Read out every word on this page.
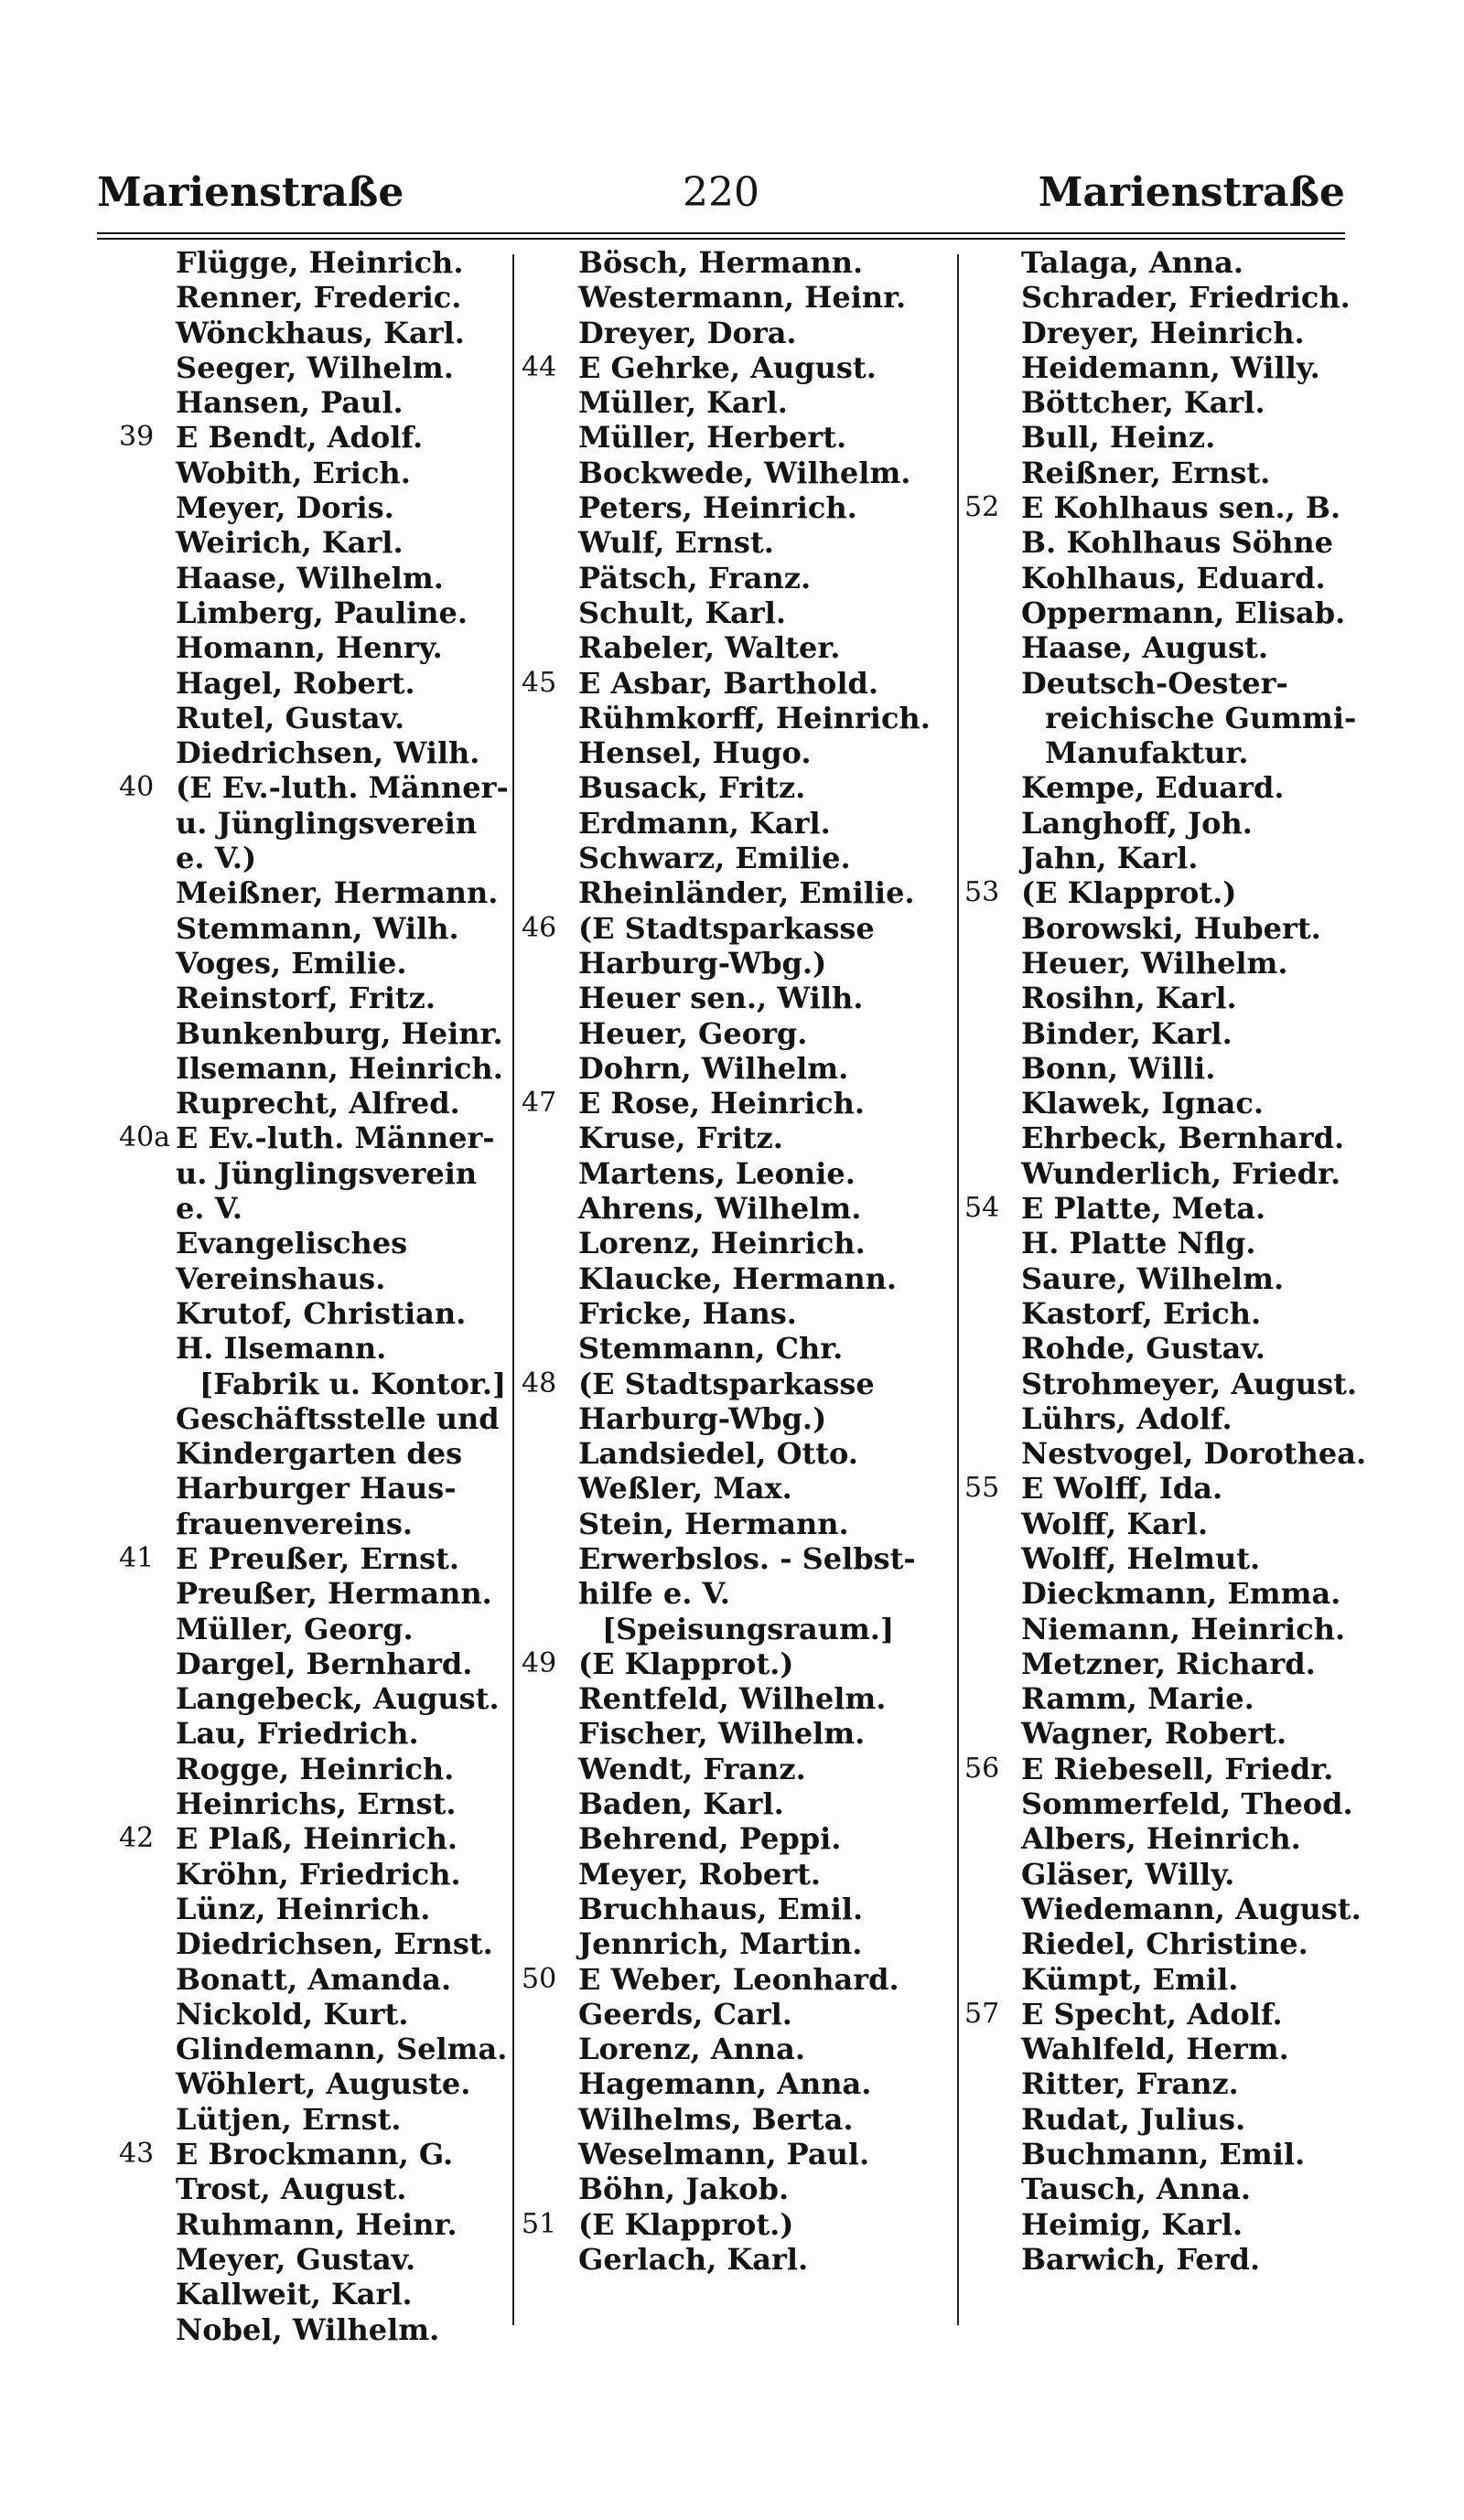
Marienstraße	220	Marienstraße
Flügge, Heinrich.
Renner, Frederic.
Wönckhaus, Karl.
Seeger, Wilhelm.
Hansen, Paul.
39 E Bendt, Adolf.
Wobith, Erich.
Meyer, Doris.
Weirich, Karl.
Haase, Wilhelm.
Limberg, Pauline.
Homann, Henry.
Hagel, Robert.
Rutel, Gustav.
Diedrichsen, Wilh.
40 (E Ev.-luth. Männer-
u. Jünglingsverein
e. V.)
Meißner, Hermann.
Stemmann, Wilh.
Voges, Emilie.
Reinstorf, Fritz.
Bunkenburg, Heinr.
Ilsemann, Heinrich.
Ruprecht, Alfred.
40a E Ev.-luth. Männer-
u. Jünglingsverein
e. V.
Evangelisches
Vereinshaus.
Krutof, Christian.
H. Ilsemann.
[Fabrik u. Kontor.]
Geschäftsstelle und
Kindergarten des
Harburger Haus-
frauenvereins.
41 E Preußer, Ernst.
Preußer, Hermann.
Müller, Georg.
Dargel, Bernhard.
Langebeck, August.
Lau, Friedrich.
Rogge, Heinrich.
Heinrichs, Ernst.
42 E Plaß, Heinrich.
Kröhn, Friedrich.
Lünz, Heinrich.
Diedrichsen, Ernst.
Bonatt, Amanda.
Nickold, Kurt.
Glindemann, Selma.
Wöhlert, Auguste.
Lütjen, Ernst.
43 E Brockmann, G.
Trost, August.
Ruhmann, Heinr.
Meyer, Gustav.
Kallweit, Karl.
Nobel, Wilhelm.
Bösch, Hermann.
Westermann, Heinr.
Dreyer, Dora.
44 E Gehrke, August.
Müller, Karl.
Müller, Herbert.
Bockwede, Wilhelm.
Peters, Heinrich.
Wulf, Ernst.
Pätsch, Franz.
Schult, Karl.
Rabeler, Walter.
45 E Asbar, Barthold.
Rühmkorff, Heinrich.
Hensel, Hugo.
Busack, Fritz.
Erdmann, Karl.
Schwarz, Emilie.
Rheinländer, Emilie.
46 (E Stadtsparkasse
Harburg-Wbg.)
Heuer sen., Wilh.
Heuer, Georg.
Dohrn, Wilhelm.
47 E Rose, Heinrich.
Kruse, Fritz.
Martens, Leonie.
Ahrens, Wilhelm.
Lorenz, Heinrich.
Klaucke, Hermann.
Fricke, Hans.
Stemmann, Chr.
48 (E Stadtsparkasse
Harburg-Wbg.)
Landsiedel, Otto.
Weßler, Max.
Stein, Hermann.
Erwerbslos. - Selbst-
hilfe e. V.
[Speisungsraum.]
49 (E Klapprot.)
Rentfeld, Wilhelm.
Fischer, Wilhelm.
Wendt, Franz.
Baden, Karl.
Behrend, Peppi.
Meyer, Robert.
Bruchhaus, Emil.
Jennrich, Martin.
50 E Weber, Leonhard.
Geerds, Carl.
Lorenz, Anna.
Hagemann, Anna.
Wilhelms, Berta.
Weselmann, Paul.
Böhn, Jakob.
51 (E Klapprot.)
Gerlach, Karl.
Talaga, Anna.
Schrader, Friedrich.
Dreyer, Heinrich.
Heidemann, Willy.
Böttcher, Karl.
Bull, Heinz.
Reißner, Ernst.
52 E Kohlhaus sen., B.
B. Kohlhaus Söhne
Kohlhaus, Eduard.
Oppermann, Elisab.
Haase, August.
Deutsch-Oester-
reichische Gummi-
Manufaktur.
Kempe, Eduard.
Langhoff, Joh.
Jahn, Karl.
53 (E Klapprot.)
Borowski, Hubert.
Heuer, Wilhelm.
Rosihn, Karl.
Binder, Karl.
Bonn, Willi.
Klawek, Ignac.
Ehrbeck, Bernhard.
Wunderlich, Friedr.
54 E Platte, Meta.
H. Platte Nflg.
Saure, Wilhelm.
Kastorf, Erich.
Rohde, Gustav.
Strohmeyer, August.
Lührs, Adolf.
Nestvogel, Dorothea.
55 E Wolff, Ida.
Wolff, Karl.
Wolff, Helmut.
Dieckmann, Emma.
Niemann, Heinrich.
Metzner, Richard.
Ramm, Marie.
Wagner, Robert.
56 E Riebesell, Friedr.
Sommerfeld, Theod.
Albers, Heinrich.
Gläser, Willy.
Wiedemann, August.
Riedel, Christine.
Kümpt, Emil.
57 E Specht, Adolf.
Wahlfeld, Herm.
Ritter, Franz.
Rudat, Julius.
Buchmann, Emil.
Tausch, Anna.
Heimig, Karl.
Barwich, Ferd.
